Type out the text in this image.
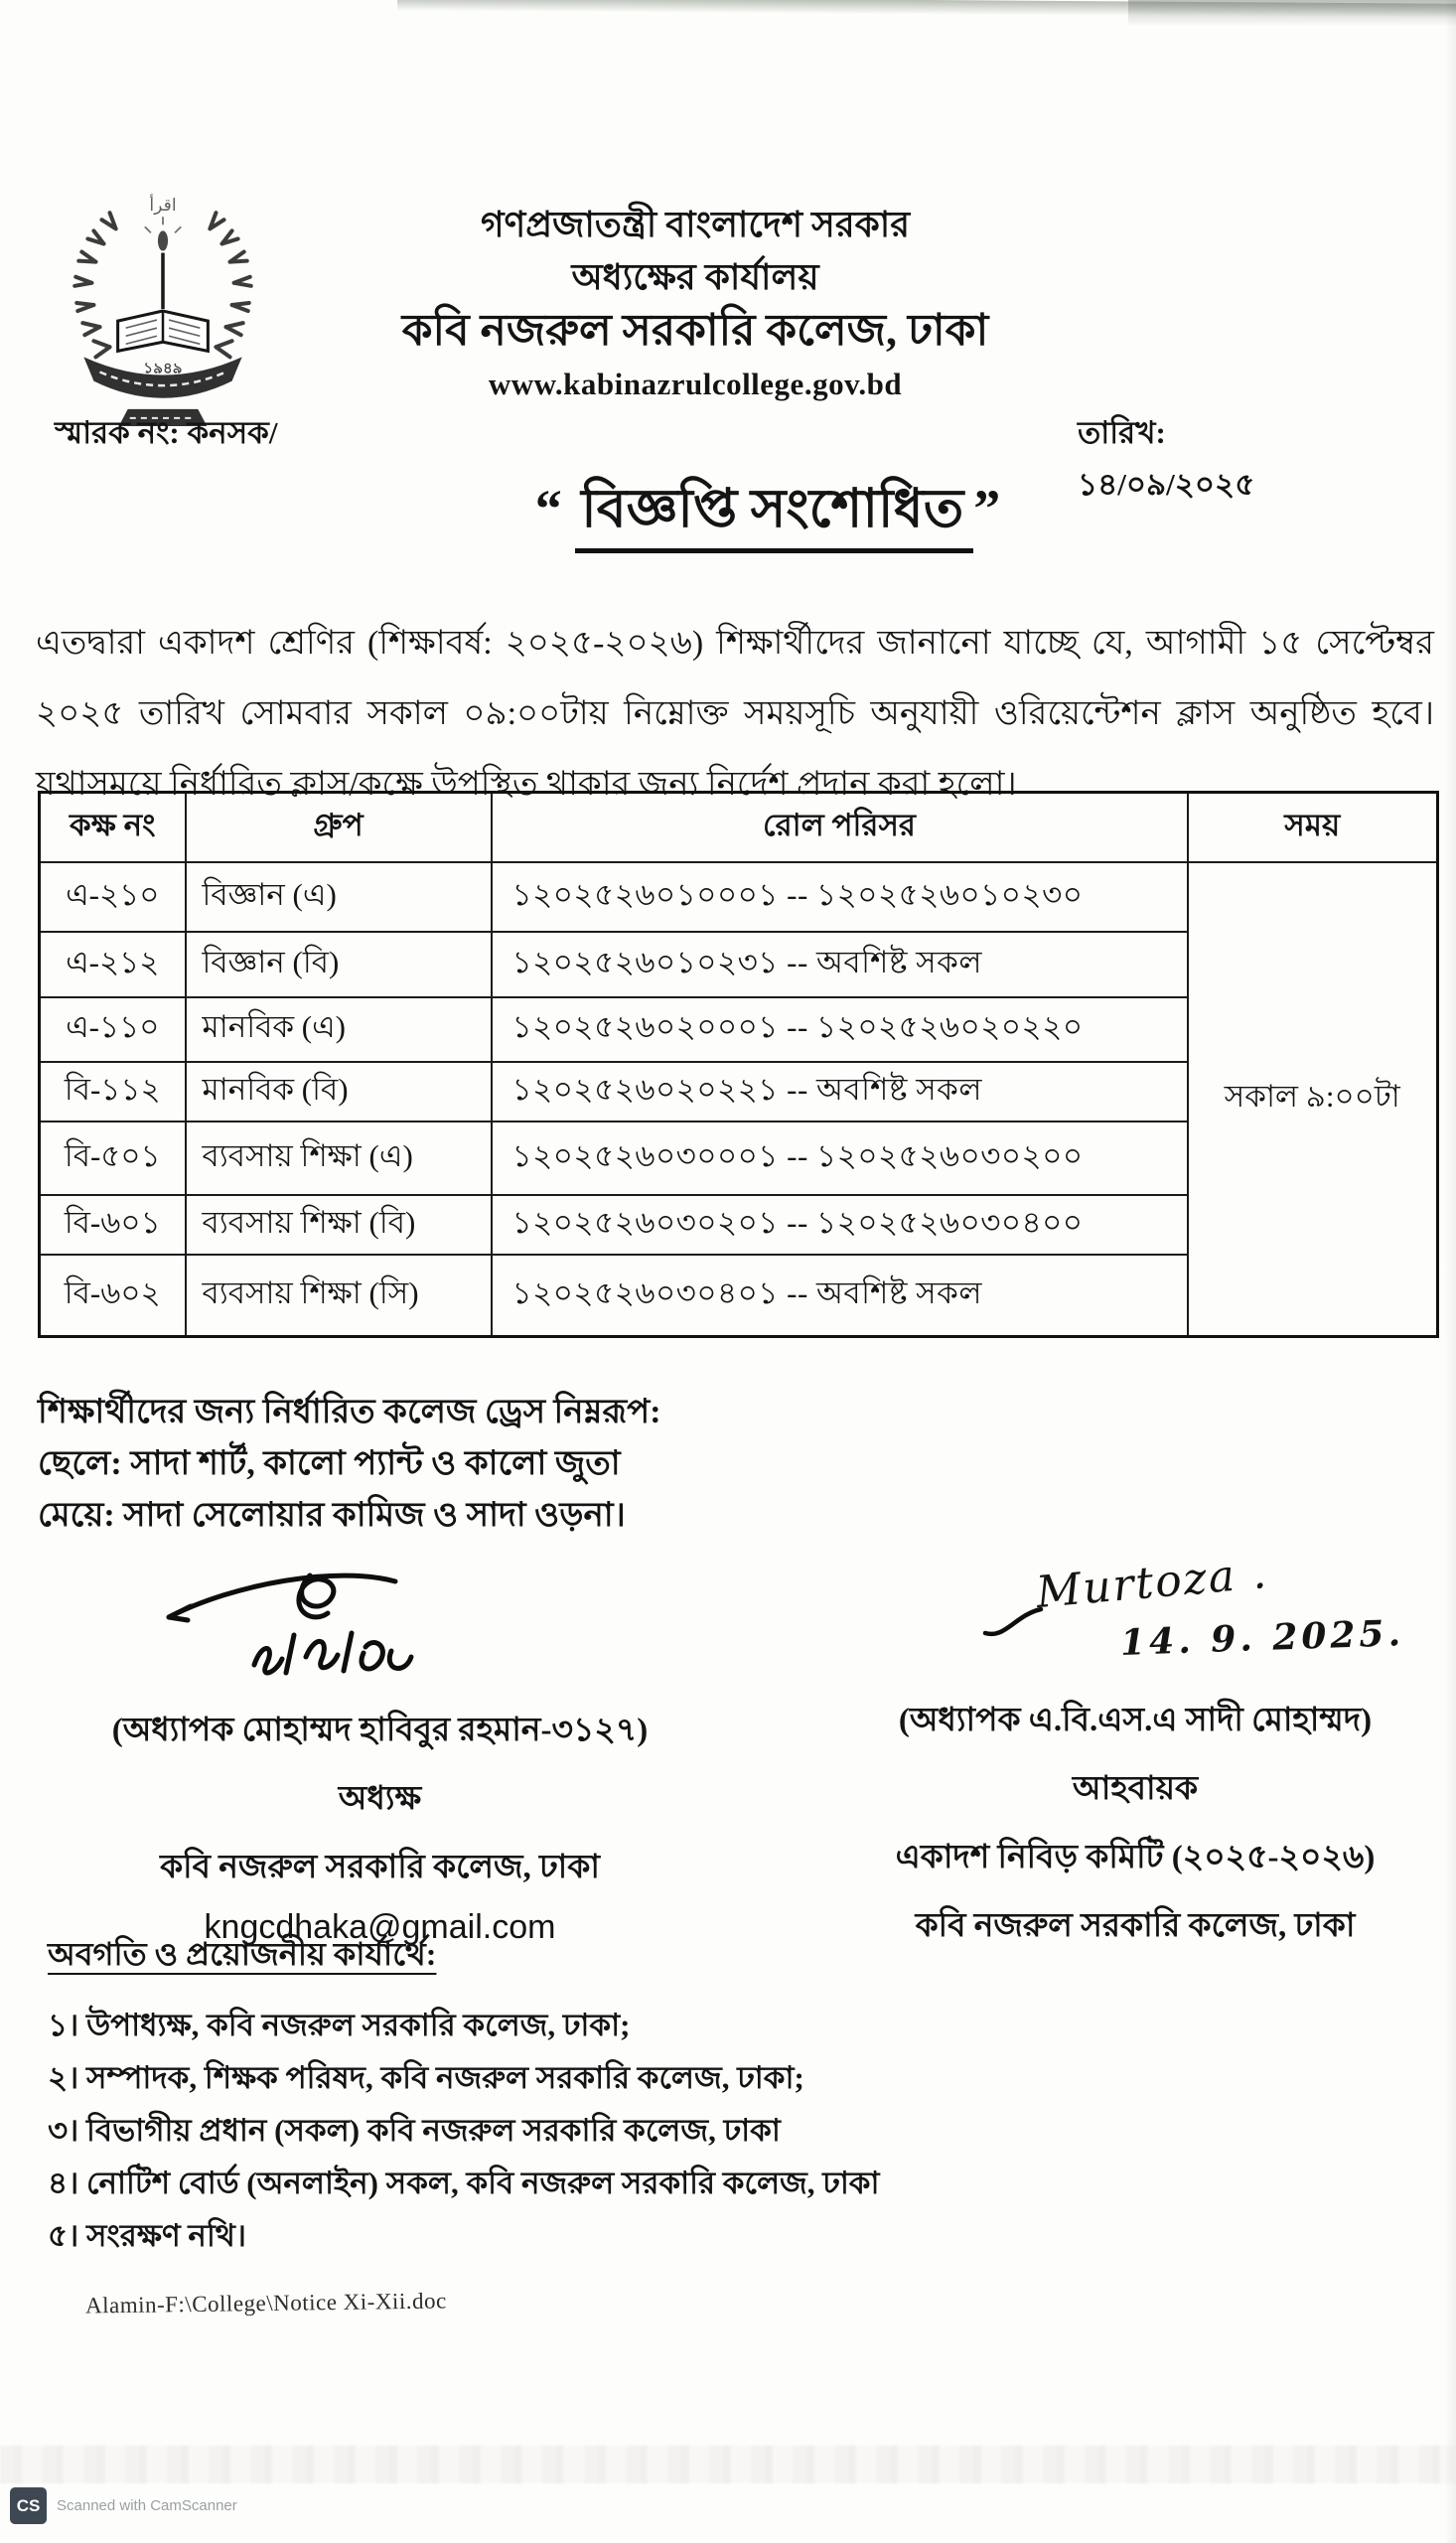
اقرأ
১৯৪৯
গণপ্রজাতন্ত্রী বাংলাদেশ সরকার
অধ্যক্ষের কার্যালয়
কবি নজরুল সরকারি কলেজ, ঢাকা
www.kabinazrulcollege.gov.bd
স্মারক নং: কনসক/	তারিখ: ১৪/০৯/২০২৫
“ বিজ্ঞপ্তি সংশোধিত ”

এতদ্বারা একাদশ শ্রেণির (শিক্ষাবর্ষ: ২০২৫-২০২৬) শিক্ষার্থীদের জানানো যাচ্ছে যে, আগামী ১৫ সেপ্টেম্বর ২০২৫ তারিখ সোমবার সকাল ০৯:০০টায় নিম্নোক্ত সময়সূচি অনুযায়ী ওরিয়েন্টেশন ক্লাস অনুষ্ঠিত হবে। যথাসময়ে নির্ধারিত ক্লাস/কক্ষে উপস্থিত থাকার জন্য নির্দেশ প্রদান করা হলো।

কক্ষ নং	গ্রুপ	রোল পরিসর	সময়
এ-২১০	বিজ্ঞান (এ)	১২০২৫২৬০১০০০১ -- ১২০২৫২৬০১০২৩০	সকাল ৯:০০টা
এ-২১২	বিজ্ঞান (বি)	১২০২৫২৬০১০২৩১ -- অবশিষ্ট সকল	
এ-১১০	মানবিক (এ)	১২০২৫২৬০২০০০১ -- ১২০২৫২৬০২০২২০	
বি-১১২	মানবিক (বি)	১২০২৫২৬০২০২২১ -- অবশিষ্ট সকল	
বি-৫০১	ব্যবসায় শিক্ষা (এ)	১২০২৫২৬০৩০০০১ -- ১২০২৫২৬০৩০২০০	
বি-৬০১	ব্যবসায় শিক্ষা (বি)	১২০২৫২৬০৩০২০১ -- ১২০২৫২৬০৩০৪০০	
বি-৬০২	ব্যবসায় শিক্ষা (সি)	১২০২৫২৬০৩০৪০১ -- অবশিষ্ট সকল	
শিক্ষার্থীদের জন্য নির্ধারিত কলেজ ড্রেস নিম্নরূপ:
ছেলে: সাদা শার্ট, কালো প্যান্ট ও কালো জুতা
মেয়ে: সাদা সেলোয়ার কামিজ ও সাদা ওড়না।
(অধ্যাপক মোহাম্মদ হাবিবুর রহমান-৩১২৭)
অধ্যক্ষ
কবি নজরুল সরকারি কলেজ, ঢাকা
kngcdhaka@gmail.com
Murtoza .
14. 9. 2025.
(অধ্যাপক এ.বি.এস.এ সাদী মোহাম্মদ)
আহবায়ক
একাদশ নিবিড় কমিটি (২০২৫-২০২৬)
কবি নজরুল সরকারি কলেজ, ঢাকা
অবগতি ও প্রয়োজনীয় কার্যার্থে:
১। উপাধ্যক্ষ, কবি নজরুল সরকারি কলেজ, ঢাকা;
২। সম্পাদক, শিক্ষক পরিষদ, কবি নজরুল সরকারি কলেজ, ঢাকা;
৩। বিভাগীয় প্রধান (সকল) কবি নজরুল সরকারি কলেজ, ঢাকা
৪। নোটিশ বোর্ড (অনলাইন) সকল, কবি নজরুল সরকারি কলেজ, ঢাকা
৫। সংরক্ষণ নথি।
Alamin-F:\College\Notice Xi-Xii.doc
CS	Scanned with CamScanner
